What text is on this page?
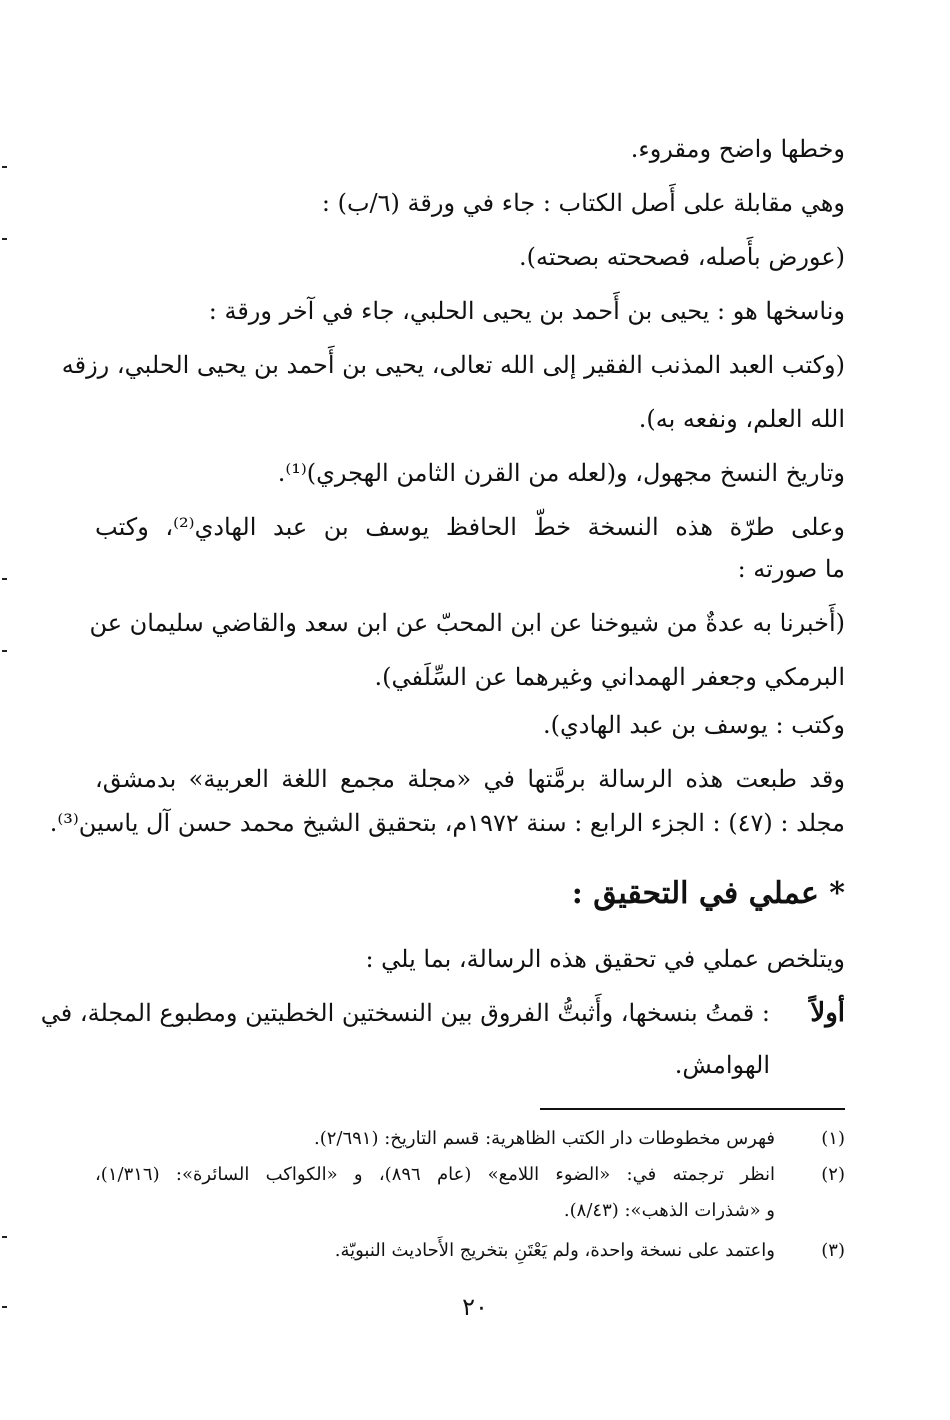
وخطها واضح ومقروء.
وهي مقابلة على أَصل الكتاب : جاء في ورقة (٦/ب) :
(عورض بأَصله، فصححته بصحته).
وناسخها هو : يحيى بن أَحمد بن يحيى الحلبي، جاء في آخر ورقة :
(وكتب العبد المذنب الفقير إلى الله تعالى، يحيى بن أَحمد بن يحيى الحلبي، رزقه
الله العلم، ونفعه به).
وتاريخ النسخ مجهول، و(لعله من القرن الثامن الهجري)⁽¹⁾.
وعلى طرّة هذه النسخة خطّ الحافظ يوسف بن عبد الهادي⁽²⁾، وكتب
ما صورته :
(أَخبرنا به عدةٌ من شيوخنا عن ابن المحبّ عن ابن سعد والقاضي سليمان عن
البرمكي وجعفر الهمداني وغيرهما عن السِّلَفي).
وكتب : يوسف بن عبد الهادي).
وقد طبعت هذه الرسالة برمَّتها في «مجلة مجمع اللغة العربية» بدمشق،
مجلد : (٤٧) : الجزء الرابع : سنة ١٩٧٢م، بتحقيق الشيخ محمد حسن آل ياسين⁽³⁾.
* عملي في التحقيق :
ويتلخص عملي في تحقيق هذه الرسالة، بما يلي :
أولاً
: قمتُ بنسخها، وأَثبتُّ الفروق بين النسختين الخطيتين ومطبوع المجلة، في
الهوامش.
(١)
فهرس مخطوطات دار الكتب الظاهرية: قسم التاريخ: (٢/٦٩١).
(٢)
انظر ترجمته في: «الضوء اللامع» (عام ٨٩٦)، و «الكواكب السائرة»: (١/٣١٦)،
و «شذرات الذهب»: (٨/٤٣).
(٣)
واعتمد على نسخة واحدة، ولم يَعْتَنِ بتخريج الأَحاديث النبويّة.
٢٠
